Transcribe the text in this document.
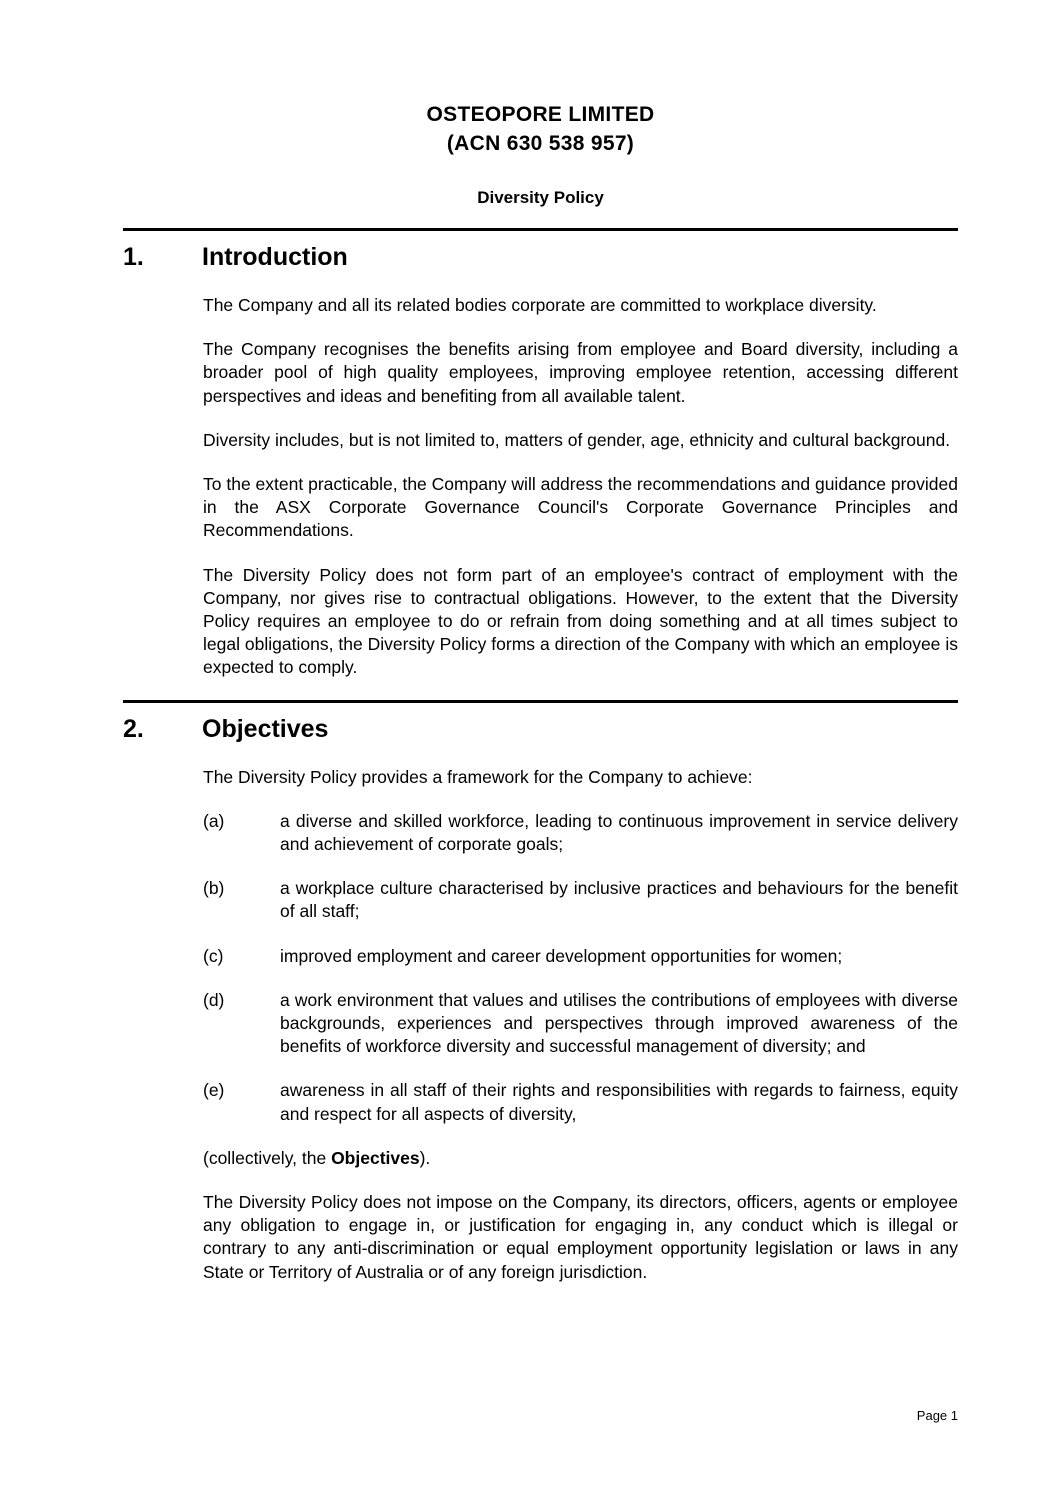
OSTEOPORE LIMITED
(ACN 630 538 957)
Diversity Policy
1.	Introduction

The Company and all its related bodies corporate are committed to workplace diversity.

The Company recognises the benefits arising from employee and Board diversity, including a broader pool of high quality employees, improving employee retention, accessing different perspectives and ideas and benefiting from all available talent.

Diversity includes, but is not limited to, matters of gender, age, ethnicity and cultural background.

To the extent practicable, the Company will address the recommendations and guidance provided in the ASX Corporate Governance Council's Corporate Governance Principles and Recommendations.

The Diversity Policy does not form part of an employee's contract of employment with the Company, nor gives rise to contractual obligations. However, to the extent that the Diversity Policy requires an employee to do or refrain from doing something and at all times subject to legal obligations, the Diversity Policy forms a direction of the Company with which an employee is expected to comply.

2.	Objectives

The Diversity Policy provides a framework for the Company to achieve:

(a)	a diverse and skilled workforce, leading to continuous improvement in service delivery and achievement of corporate goals;
(b)	a workplace culture characterised by inclusive practices and behaviours for the benefit of all staff;
(c)	improved employment and career development opportunities for women;
(d)	a work environment that values and utilises the contributions of employees with diverse backgrounds, experiences and perspectives through improved awareness of the benefits of workforce diversity and successful management of diversity; and
(e)	awareness in all staff of their rights and responsibilities with regards to fairness, equity and respect for all aspects of diversity,

(collectively, the Objectives).

The Diversity Policy does not impose on the Company, its directors, officers, agents or employee any obligation to engage in, or justification for engaging in, any conduct which is illegal or contrary to any anti-discrimination or equal employment opportunity legislation or laws in any State or Territory of Australia or of any foreign jurisdiction.

Page 1
